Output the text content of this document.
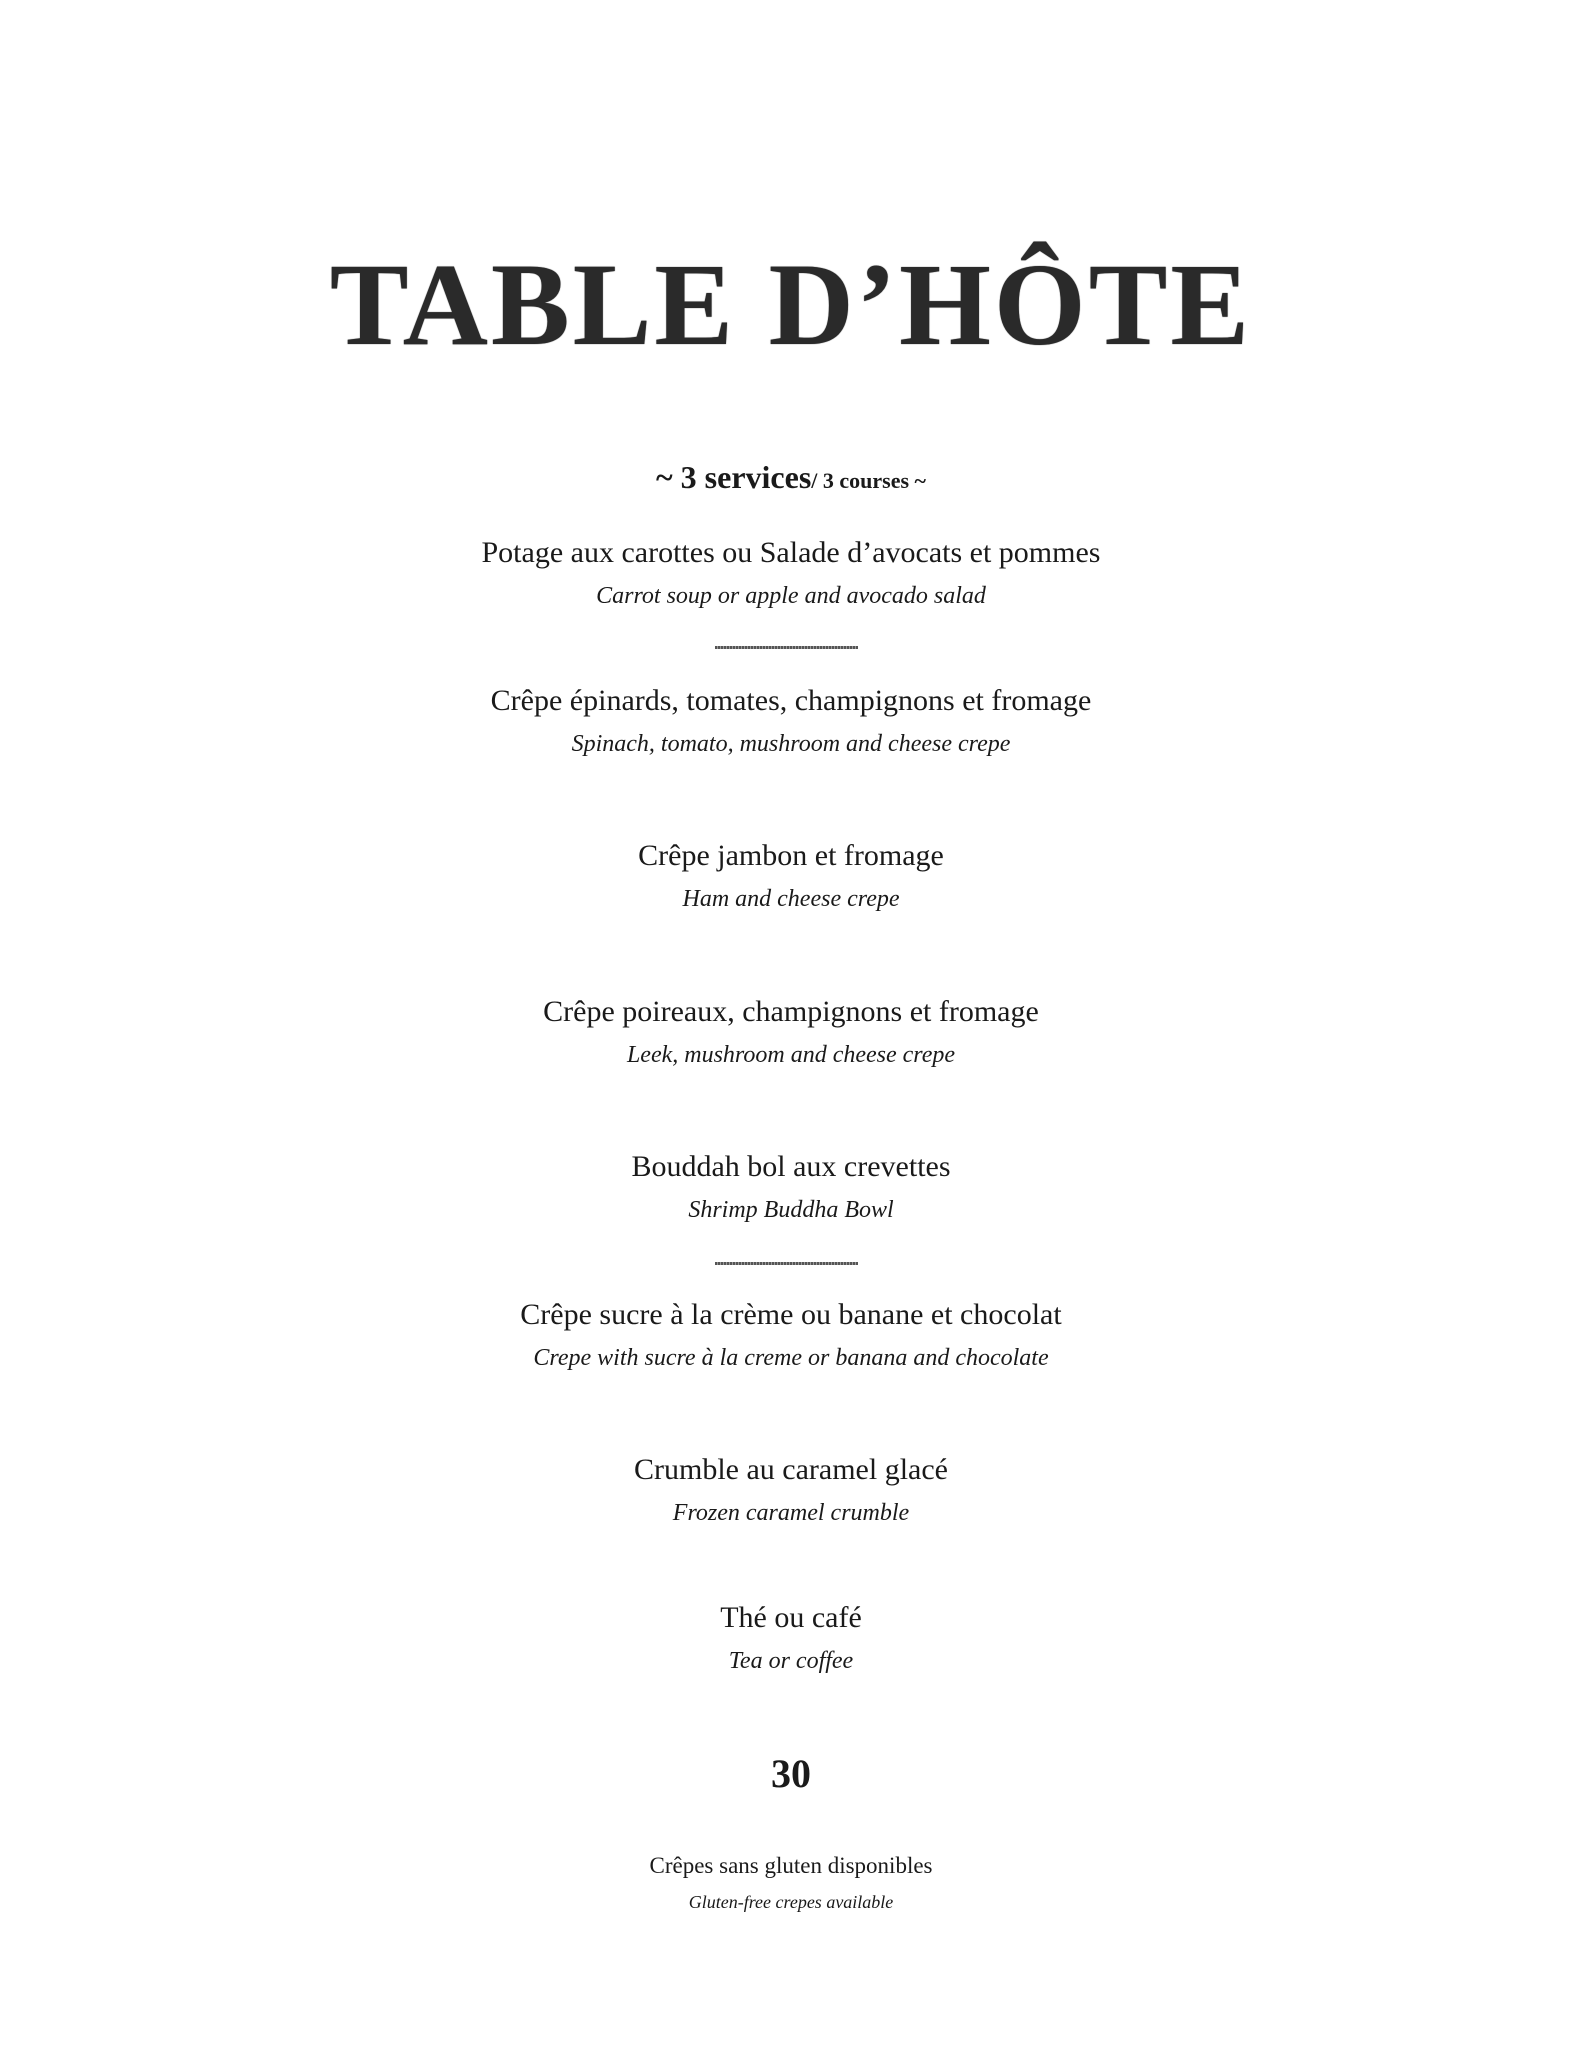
TABLE D’HÔTE
~ 3 services/ 3 courses ~
Potage aux carottes ou Salade d’avocats et pommes
Carrot soup or apple and avocado salad
Crêpe épinards, tomates, champignons et fromage
Spinach, tomato, mushroom and cheese crepe
Crêpe jambon et fromage
Ham and cheese crepe
Crêpe poireaux, champignons et fromage
Leek, mushroom and cheese crepe
Bouddah bol aux crevettes
Shrimp Buddha Bowl
Crêpe sucre à la crème ou banane et chocolat
Crepe with sucre à la creme or banana and chocolate
Crumble au caramel glacé
Frozen caramel crumble
Thé ou café
Tea or coffee
30
Crêpes sans gluten disponibles
Gluten-free crepes available
